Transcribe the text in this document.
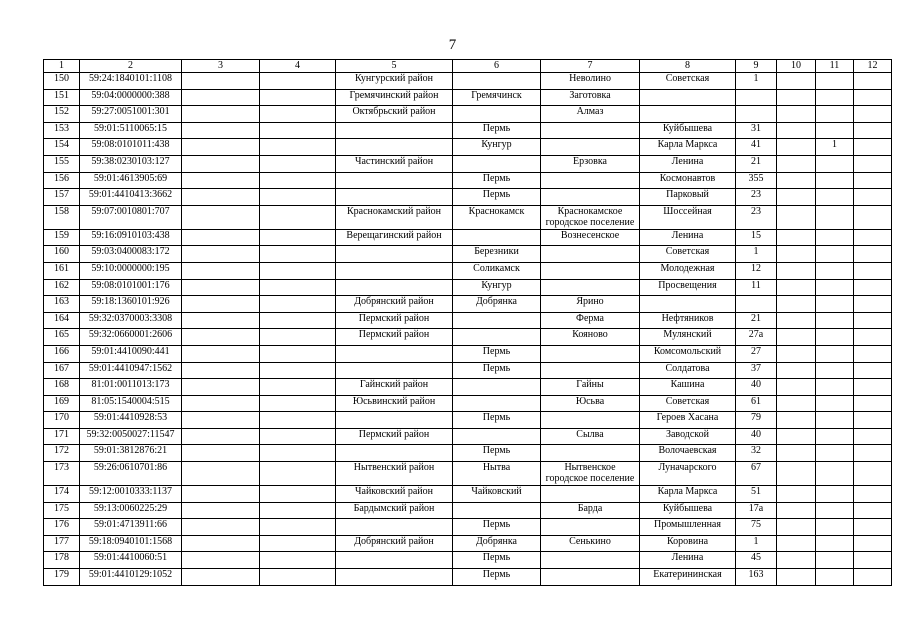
7
1	2	3	4	5	6	7	8	9	10	11	12
150	59:24:1840101:1108			Кунгурский район		Неволино	Советская	1			
151	59:04:0000000:388			Гремячинский район	Гремячинск	Заготовка					
152	59:27:0051001:301			Октябрьский район		Алмаз					
153	59:01:5110065:15				Пермь		Куйбышева	31			
154	59:08:0101011:438				Кунгур		Карла Маркса	41		1	
155	59:38:0230103:127			Частинский район		Ерзовка	Ленина	21			
156	59:01:4613905:69				Пермь		Космонавтов	355			
157	59:01:4410413:3662				Пермь		Парковый	23			
158	59:07:0010801:707			Краснокамский район	Краснокамск	Краснокамское городское поселение	Шоссейная	23			
159	59:16:0910103:438			Верещагинский район		Вознесенское	Ленина	15			
160	59:03:0400083:172				Березники		Советская	1			
161	59:10:0000000:195				Соликамск		Молодежная	12			
162	59:08:0101001:176				Кунгур		Просвещения	11			
163	59:18:1360101:926			Добрянский район	Добрянка	Ярино					
164	59:32:0370003:3308			Пермский район		Ферма	Нефтяников	21			
165	59:32:0660001:2606			Пермский район		Кояново	Мулянский	27а			
166	59:01:4410090:441				Пермь		Комсомольский	27			
167	59:01:4410947:1562				Пермь		Солдатова	37			
168	81:01:0011013:173			Гайнский район		Гайны	Кашина	40			
169	81:05:1540004:515			Юсьвинский район		Юсьва	Советская	61			
170	59:01:4410928:53				Пермь		Героев Хасана	79			
171	59:32:0050027:11547			Пермский район		Сылва	Заводской	40			
172	59:01:3812876:21				Пермь		Волочаевская	32			
173	59:26:0610701:86			Нытвенский район	Нытва	Нытвенское городское поселение	Луначарского	67			
174	59:12:0010333:1137			Чайковский район	Чайковский		Карла Маркса	51			
175	59:13:0060225:29			Бардымский район		Барда	Куйбышева	17а			
176	59:01:4713911:66				Пермь		Промышленная	75			
177	59:18:0940101:1568			Добрянский район	Добрянка	Сенькино	Коровина	1			
178	59:01:4410060:51				Пермь		Ленина	45			
179	59:01:4410129:1052				Пермь		Екатерининская	163			
